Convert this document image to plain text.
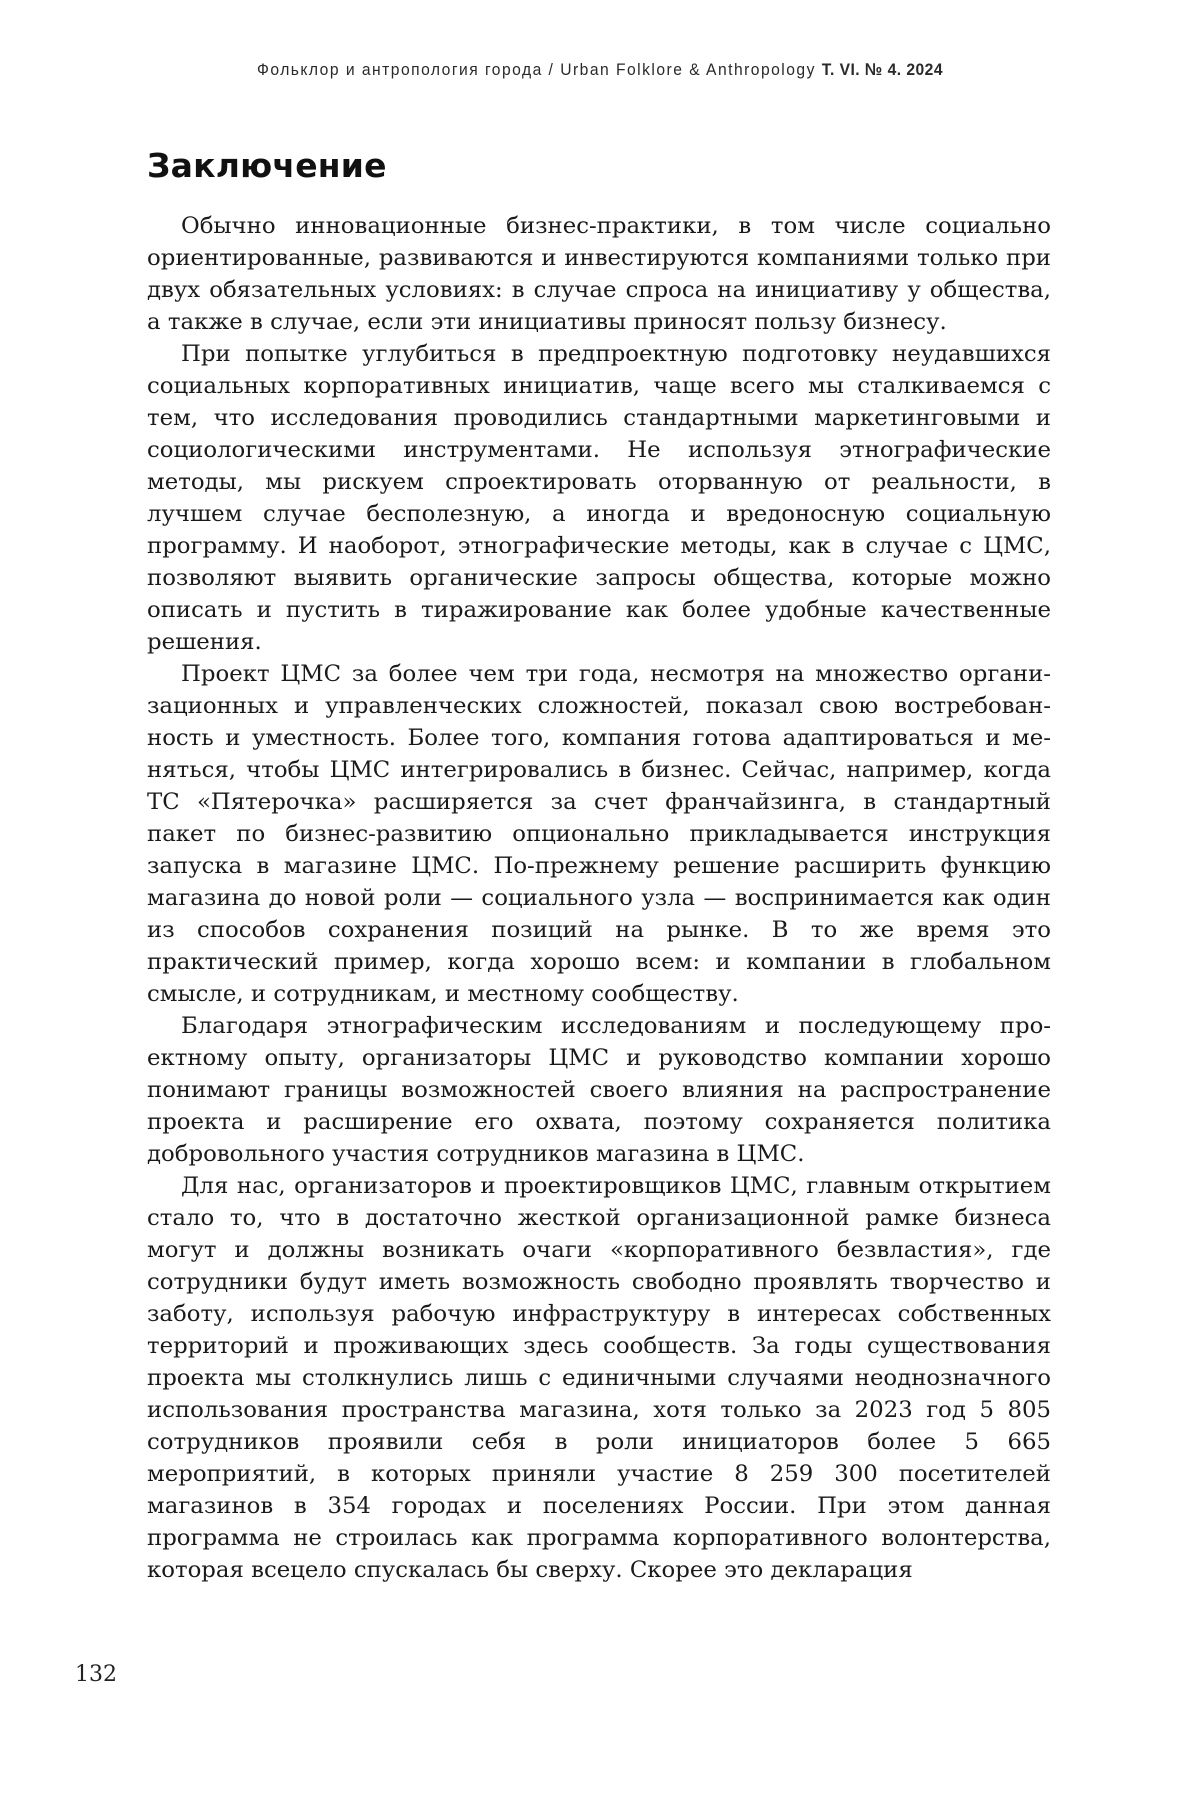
Фольклор и антропология города / Urban Folklore & Anthropology Т. VI. № 4. 2024
Заключение

Обычно инновационные бизнес-практики, в том числе социально ориентированные, развиваются и инвестируются компаниями толь­ко при двух обязательных условиях: в случае спроса на инициативу у общества, а также в случае, если эти инициативы приносят пользу бизнесу.

При попытке углубиться в предпроектную подготовку неудавших­ся социальных корпоративных инициатив, чаще всего мы сталкиваем­ся с тем, что исследования проводились стандартными маркетинговы­ми и социологическими инструментами. Не используя этнографиче­ские методы, мы рискуем спроектировать оторванную от реальности, в лучшем случае бесполезную, а иногда и вредоносную социальную программу. И наоборот, этнографические методы, как в случае с ЦМС, позволяют выявить органические запросы общества, которые можно описать и пустить в тиражирование как более удобные каче­ственные решения.

Проект ЦМС за более чем три года, несмотря на множество органи­зационных и управленческих сложностей, показал свою востребован­ность и уместность. Более того, компания готова адаптироваться и ме­няться, чтобы ЦМС интегрировались в бизнес. Сейчас, например, ког­да ТС «Пятерочка» расширяется за счет франчайзинга, в стандартный пакет по бизнес-развитию опционально прикладывается инструкция запуска в магазине ЦМС. По-прежнему решение расширить функцию магазина до новой роли — социального узла — воспринимается как один из способов сохранения позиций на рынке. В то же время это практический пример, когда хорошо всем: и компании в глобальном смысле, и сотрудникам, и местному сообществу.

Благодаря этнографическим исследованиям и последующему про­ектному опыту, организаторы ЦМС и руководство компании хорошо понимают границы возможностей своего влияния на распростране­ние проекта и расширение его охвата, поэтому сохраняется политика добровольного участия сотрудников магазина в ЦМС.

Для нас, организаторов и проектировщиков ЦМС, главным откры­тием стало то, что в достаточно жесткой организационной рамке биз­неса могут и должны возникать очаги «корпоративного безвластия», где сотрудники будут иметь возможность свободно проявлять твор­чество и заботу, используя рабочую инфраструктуру в интересах соб­ственных территорий и проживающих здесь сообществ. За годы су­ществования проекта мы столкнулись лишь с единичными случаями неоднозначного использования пространства магазина, хотя только за 2023 год 5 805 сотрудников проявили себя в роли инициаторов бо­лее 5 665 мероприятий, в которых приняли участие 8 259 300 посети­телей магазинов в 354 городах и поселениях России. При этом данная программа не строилась как программа корпоративного волонтер­ства, которая всецело спускалась бы сверху. Скорее это декларация

132
